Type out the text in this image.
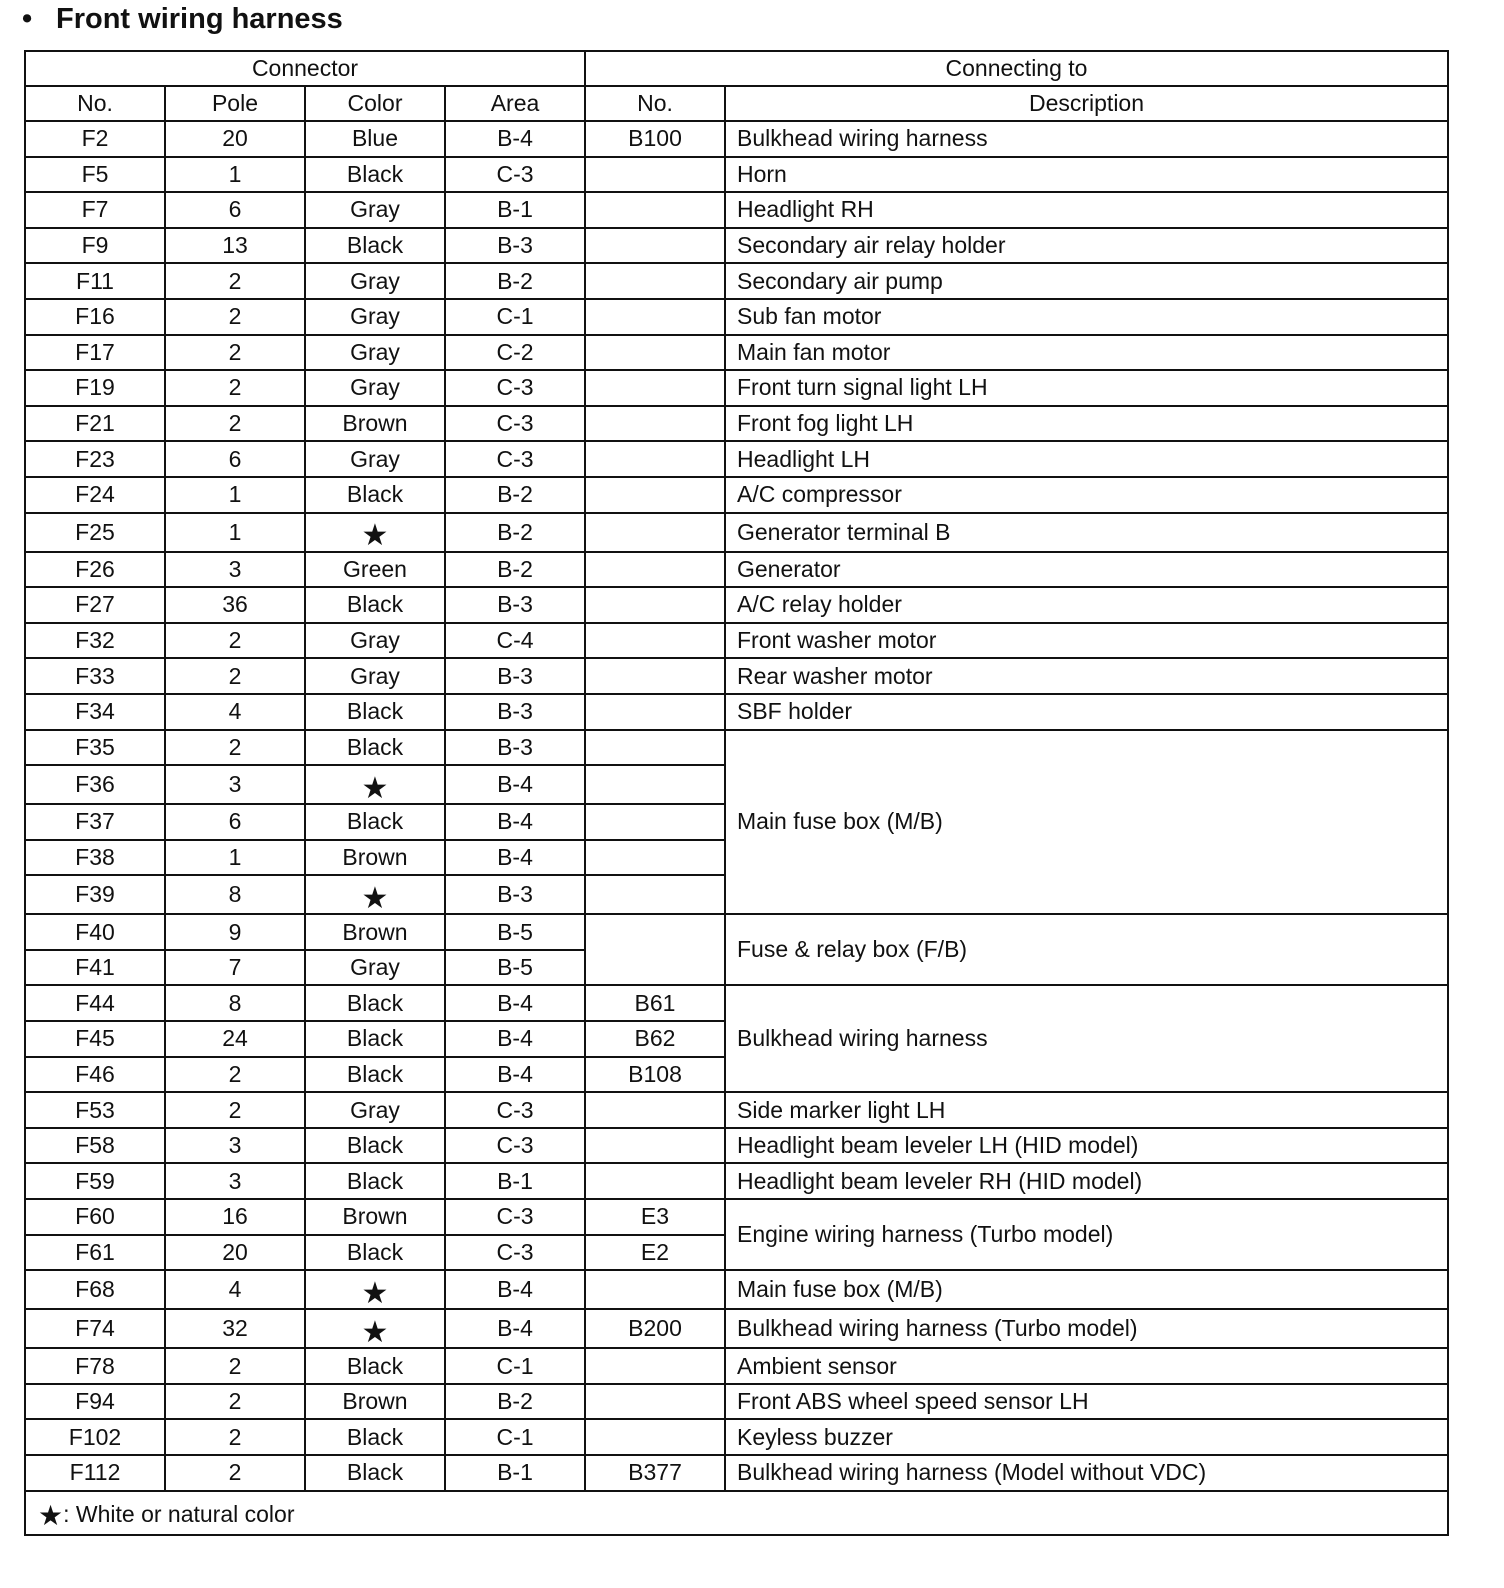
• Front wiring harness
Connector				Connecting to	
No.	Pole	Color	Area	No.	Description
F2	20	Blue	B-4	B100	Bulkhead wiring harness
F5	1	Black	C-3		Horn
F7	6	Gray	B-1		Headlight RH
F9	13	Black	B-3		Secondary air relay holder
F11	2	Gray	B-2		Secondary air pump
F16	2	Gray	C-1		Sub fan motor
F17	2	Gray	C-2		Main fan motor
F19	2	Gray	C-3		Front turn signal light LH
F21	2	Brown	C-3		Front fog light LH
F23	6	Gray	C-3		Headlight LH
F24	1	Black	B-2		A/C compressor
F25	1	★	B-2		Generator terminal B
F26	3	Green	B-2		Generator
F27	36	Black	B-3		A/C relay holder
F32	2	Gray	C-4		Front washer motor
F33	2	Gray	B-3		Rear washer motor
F34	4	Black	B-3		SBF holder
F35	2	Black	B-3		Main fuse box (M/B)
F36	3	★	B-4		
F37	6	Black	B-4		
F38	1	Brown	B-4		
F39	8	★	B-3		
F40	9	Brown	B-5		Fuse & relay box (F/B)
F41	7	Gray	B-5		
F44	8	Black	B-4	B61	Bulkhead wiring harness
F45	24	Black	B-4	B62	
F46	2	Black	B-4	B108	
F53	2	Gray	C-3		Side marker light LH
F58	3	Black	C-3		Headlight beam leveler LH (HID model)
F59	3	Black	B-1		Headlight beam leveler RH (HID model)
F60	16	Brown	C-3	E3	Engine wiring harness (Turbo model)
F61	20	Black	C-3	E2	
F68	4	★	B-4		Main fuse box (M/B)
F74	32	★	B-4	B200	Bulkhead wiring harness (Turbo model)
F78	2	Black	C-1		Ambient sensor
F94	2	Brown	B-2		Front ABS wheel speed sensor LH
F102	2	Black	C-1		Keyless buzzer
F112	2	Black	B-1	B377	Bulkhead wiring harness (Model without VDC)
★: White or natural color					
